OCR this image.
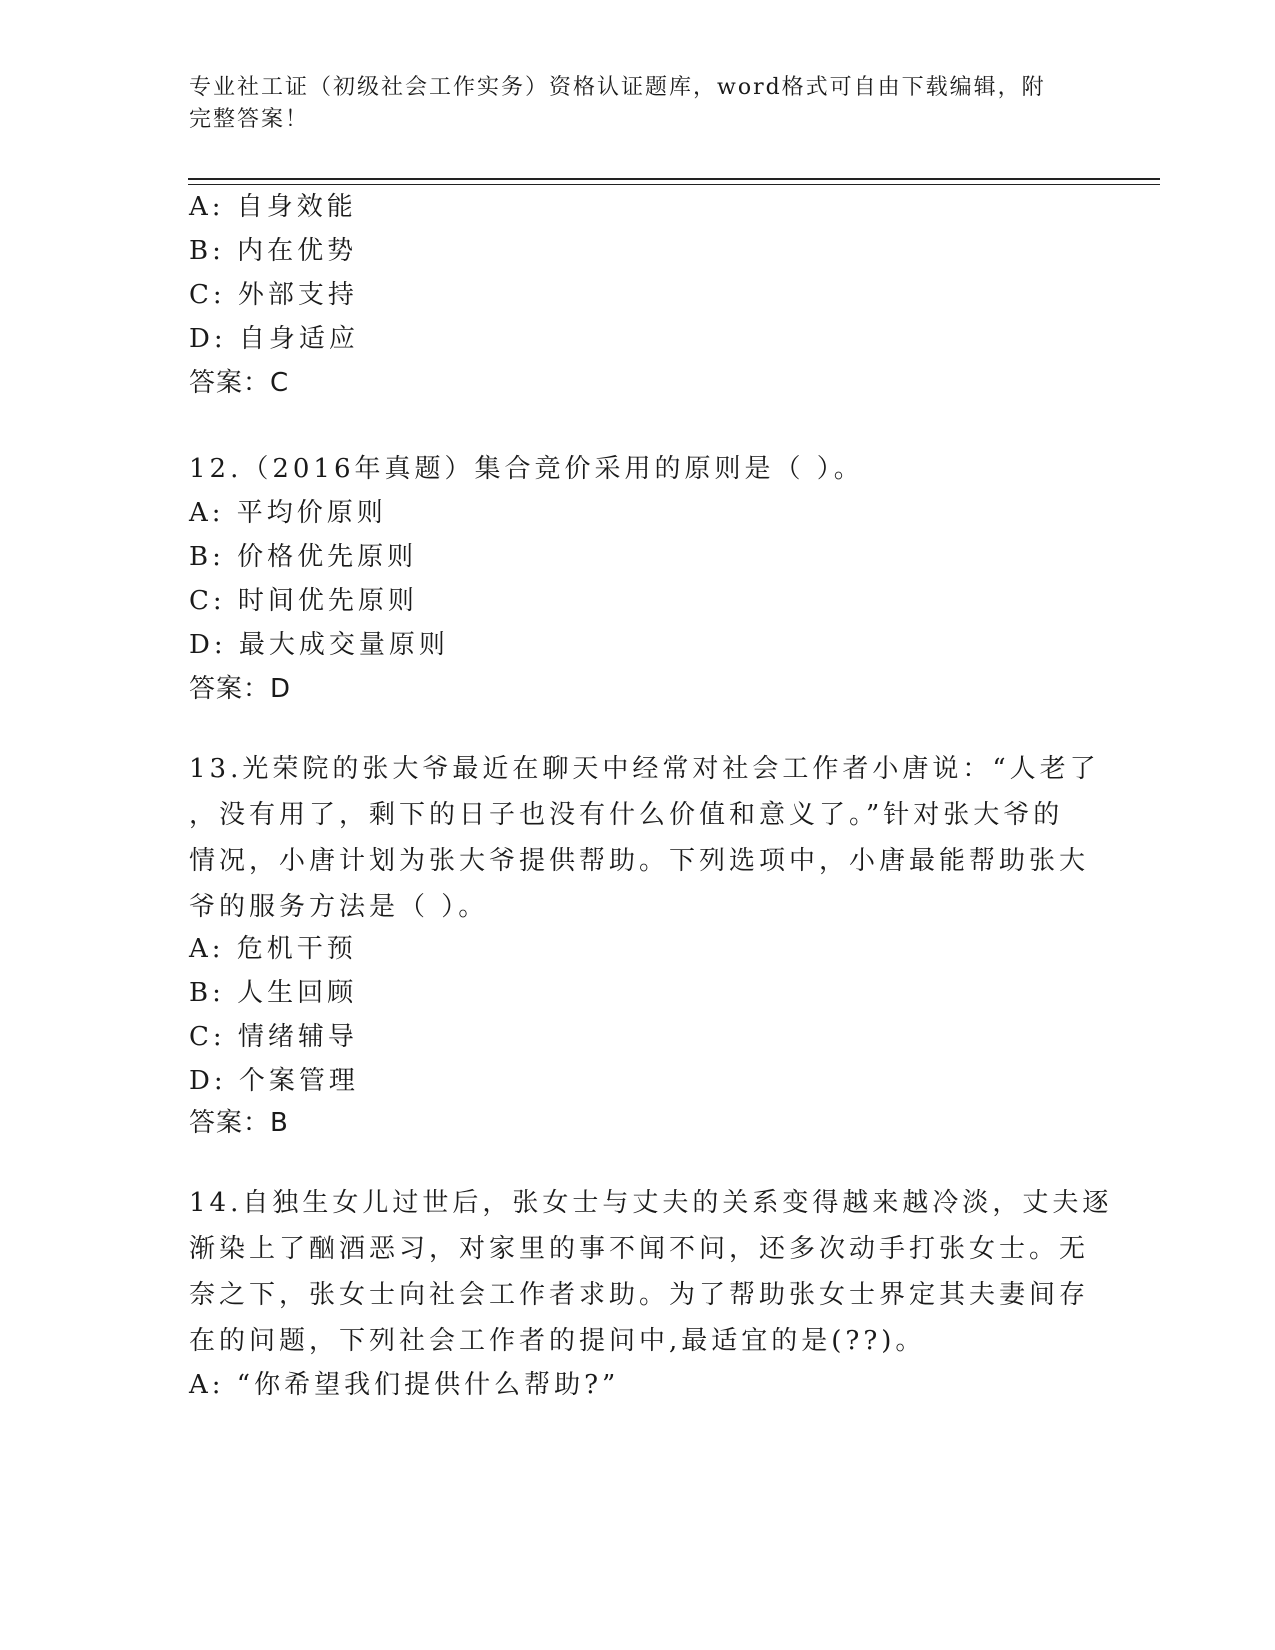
专业社工证（初级社会工作实务）资格认证题库，word格式可自由下载编辑，附
完整答案！
A: 自身效能
B: 内在优势
C: 外部支持
D: 自身适应
答案：C
12.（2016年真题）集合竞价采用的原则是（ ）。
A: 平均价原则
B: 价格优先原则
C: 时间优先原则
D: 最大成交量原则
答案：D
13.光荣院的张大爷最近在聊天中经常对社会工作者小唐说：“人老了
，没有用了，剩下的日子也没有什么价值和意义了。”针对张大爷的
情况，小唐计划为张大爷提供帮助。下列选项中，小唐最能帮助张大
爷的服务方法是（ ）。
A: 危机干预
B: 人生回顾
C: 情绪辅导
D: 个案管理
答案：B
14.自独生女儿过世后，张女士与丈夫的关系变得越来越冷淡，丈夫逐
渐染上了酗酒恶习，对家里的事不闻不问，还多次动手打张女士。无
奈之下，张女士向社会工作者求助。为了帮助张女士界定其夫妻间存
在的问题，下列社会工作者的提问中,最适宜的是(??)。
A: “你希望我们提供什么帮助?”
